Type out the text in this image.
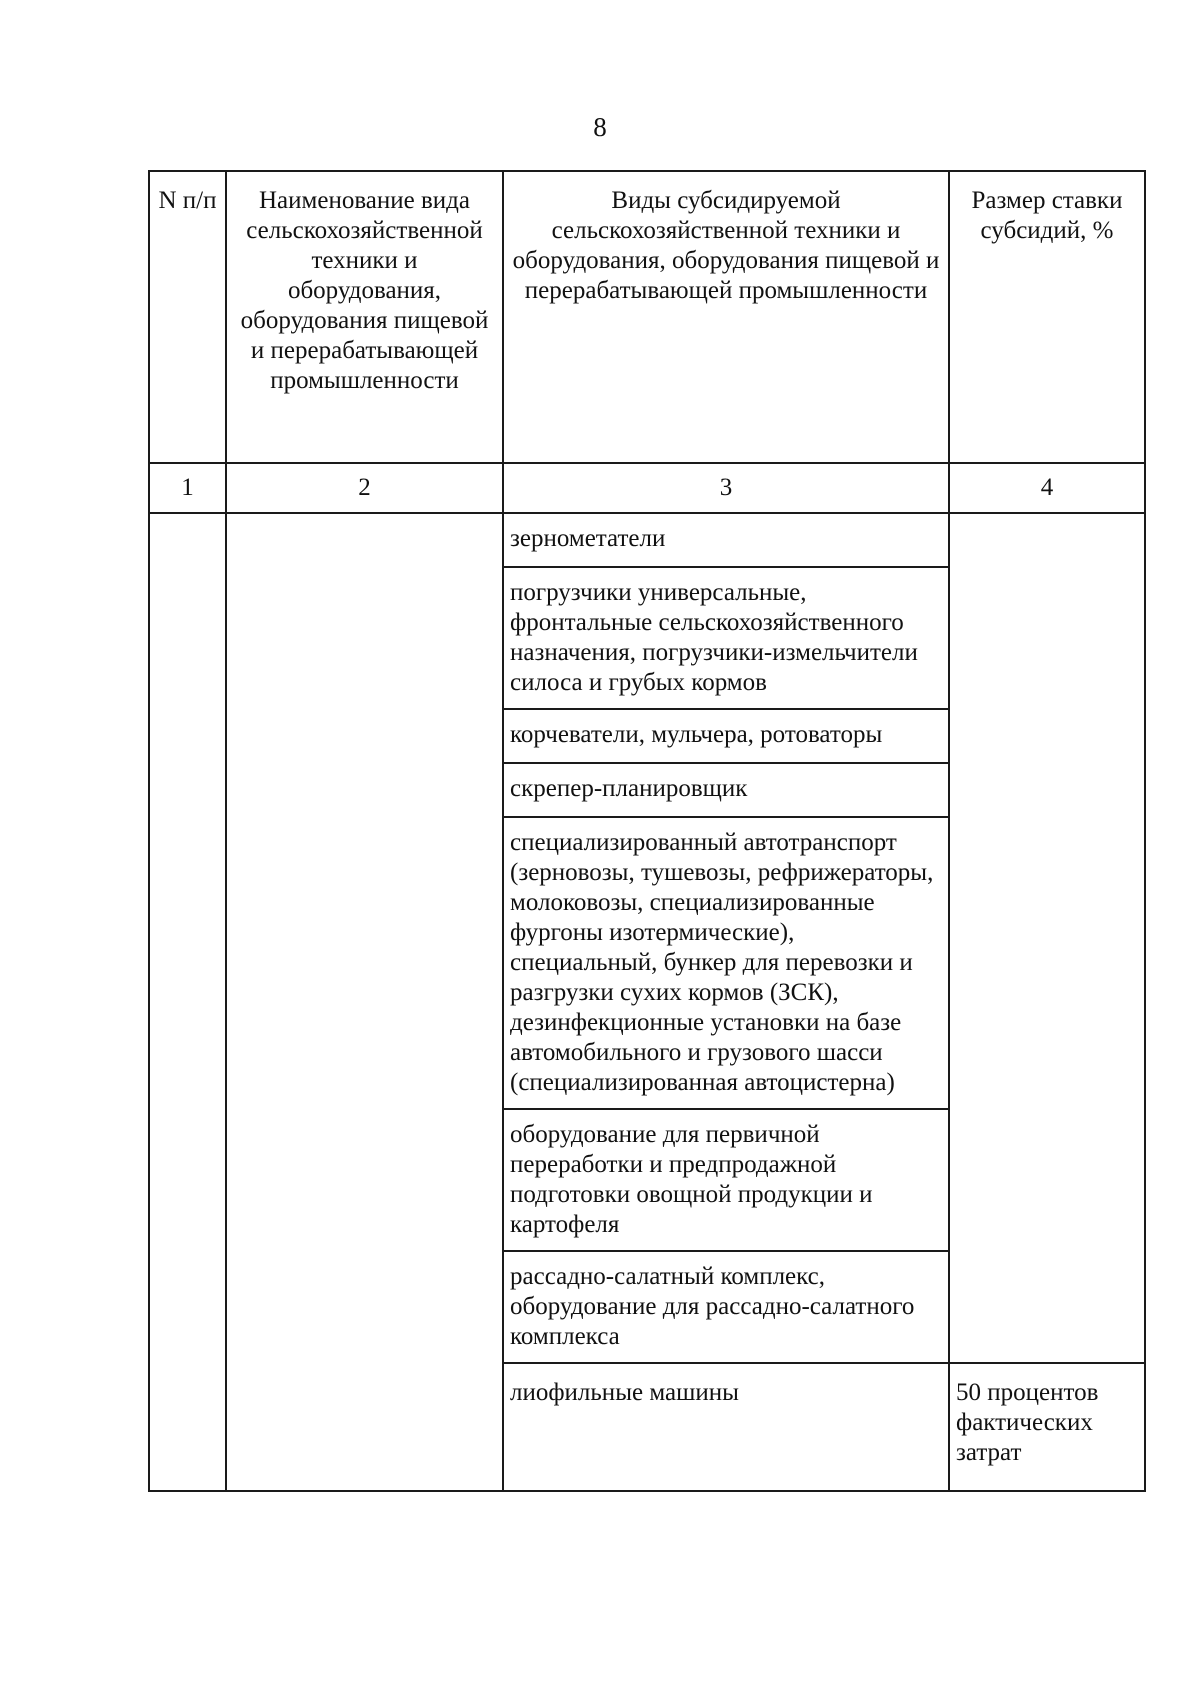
8
N п/п	Наименование вида сельскохозяйственной техники и оборудования, оборудования пищевой и перерабатывающей промышленности	Виды субсидируемой сельскохозяйственной техники и оборудования, оборудования пищевой и перерабатывающей промышленности	Размер ставки субсидий, %

1	2	3	4
		зернометатели	
		погрузчики универсальные, фронтальные сельскохозяйственного назначения, погрузчики-измельчители силоса и грубых кормов	
		корчеватели, мульчера, ротоваторы	
		скрепер-планировщик	
		специализированный автотранспорт (зерновозы, тушевозы, рефрижераторы, молоковозы, специализированные фургоны изотермические), специальный, бункер для перевозки и разгрузки сухих кормов (ЗСК), дезинфекционные установки на базе автомобильного и грузового шасси (специализированная автоцистерна)	
		оборудование для первичной переработки и предпродажной подготовки овощной продукции и картофеля	
		рассадно-салатный комплекс, оборудование для рассадно-салатного комплекса	
		лиофильные машины	50 процентов фактических затрат
